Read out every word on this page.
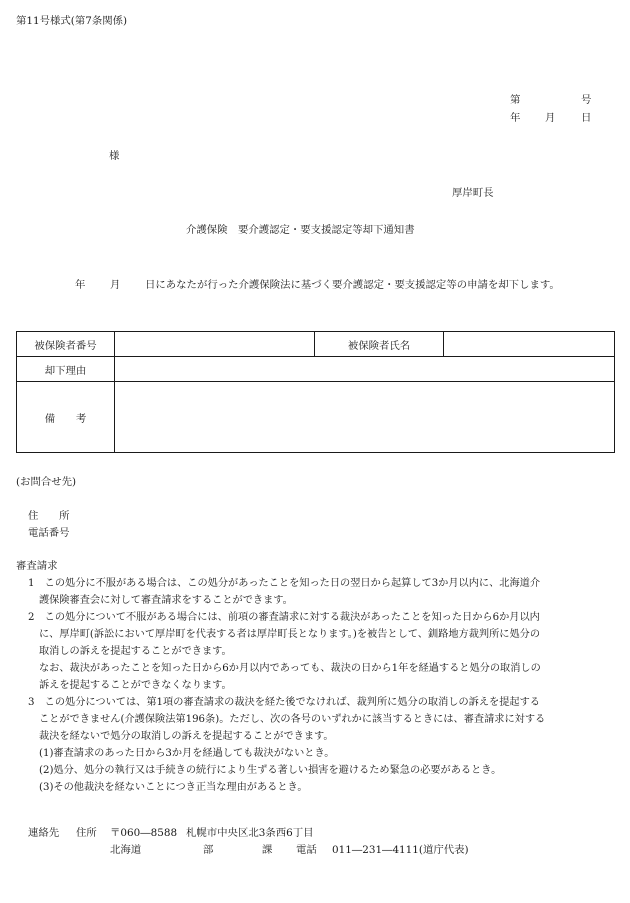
第11号様式(第7条関係)
第	号
年 月 日
様
厚岸町長
介護保険　要介護認定・要支援認定等却下通知書
年 月 日にあなたが行った介護保険法に基づく要介護認定・要支援認定等の申請を却下します。
被保険者番号		被保険者氏名	
却下理由			
備　　考			
(お問合せ先)
住　　所
電話番号
審査請求
1　この処分に不服がある場合は、この処分があったことを知った日の翌日から起算して3か月以内に、北海道介
護保険審査会に対して審査請求をすることができます。
2　この処分について不服がある場合には、前項の審査請求に対する裁決があったことを知った日から6か月以内
に、厚岸町(訴訟において厚岸町を代表する者は厚岸町長となります。)を被告として、釧路地方裁判所に処分の
取消しの訴えを提起することができます。
なお、裁決があったことを知った日から6か月以内であっても、裁決の日から1年を経過すると処分の取消しの
訴えを提起することができなくなります。
3　この処分については、第1項の審査請求の裁決を経た後でなければ、裁判所に処分の取消しの訴えを提起する
ことができません(介護保険法第196条)。ただし、次の各号のいずれかに該当するときには、審査請求に対する
裁決を経ないで処分の取消しの訴えを提起することができます。
(1)審査請求のあった日から3か月を経過しても裁決がないとき。
(2)処分、処分の執行又は手続きの続行により生ずる著しい損害を避けるため緊急の必要があるとき。
(3)その他裁決を経ないことにつき正当な理由があるとき。
連絡先 住所 〒060―8588 札幌市中央区北3条西6丁目
北海道	部	課 電話 011―231―4111(道庁代表)
